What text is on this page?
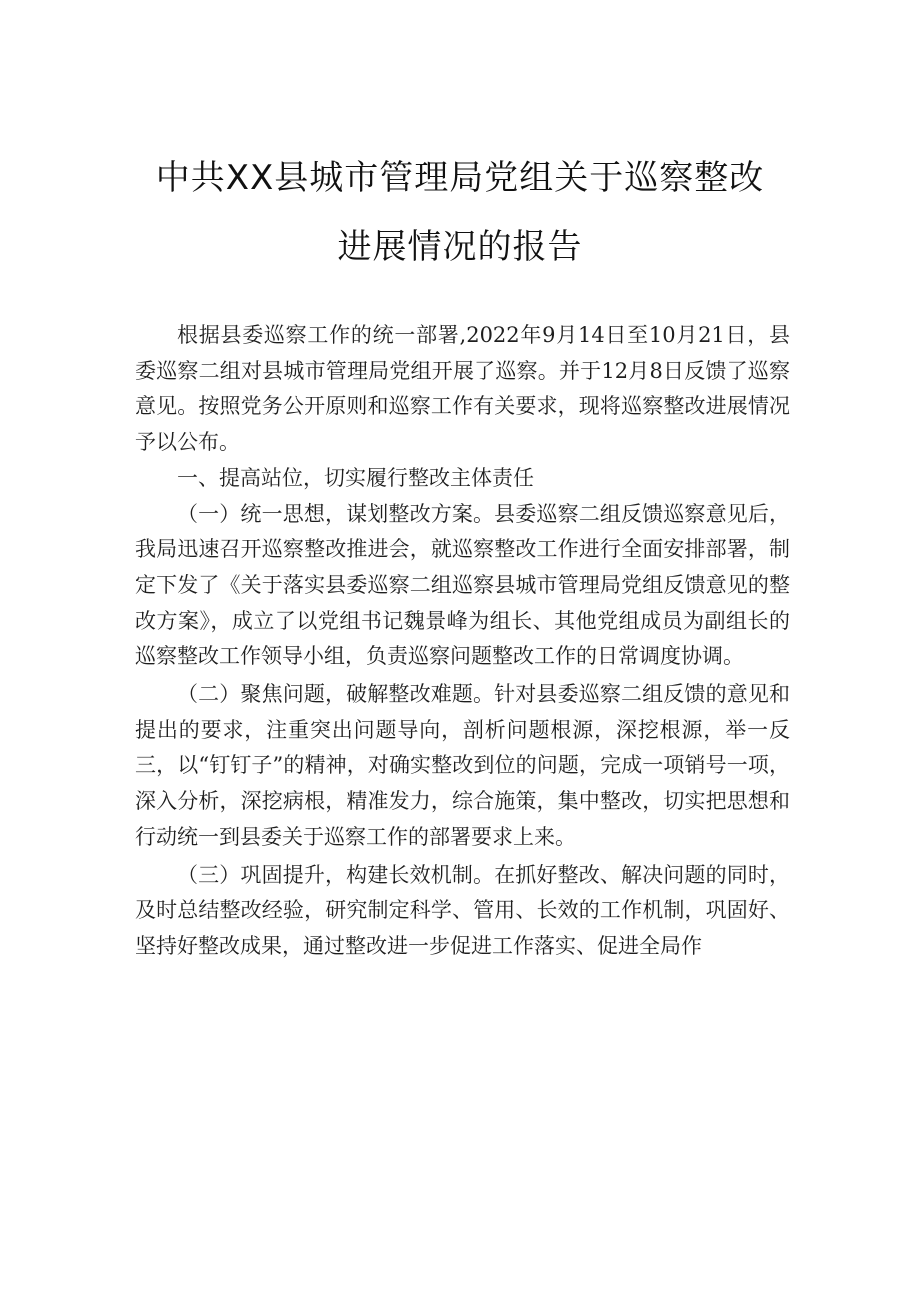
中共XX县城市管理局党组关于巡察整改
进展情况的报告

根据县委巡察工作的统一部署,2022年9月14日至10月21日，县委巡察二组对县城市管理局党组开展了巡察。并于12月8日反馈了巡察意见。按照党务公开原则和巡察工作有关要求，现将巡察整改进展情况予以公布。

一、提高站位，切实履行整改主体责任

（一）统一思想，谋划整改方案。县委巡察二组反馈巡察意见后，我局迅速召开巡察整改推进会，就巡察整改工作进行全面安排部署，制定下发了《关于落实县委巡察二组巡察县城市管理局党组反馈意见的整改方案》，成立了以党组书记魏景峰为组长、其他党组成员为副组长的巡察整改工作领导小组，负责巡察问题整改工作的日常调度协调。

（二）聚焦问题，破解整改难题。针对县委巡察二组反馈的意见和提出的要求，注重突出问题导向，剖析问题根源，深挖根源，举一反三，以“钉钉子”的精神，对确实整改到位的问题，完成一项销号一项，深入分析，深挖病根，精准发力，综合施策，集中整改，切实把思想和行动统一到县委关于巡察工作的部署要求上来。

（三）巩固提升，构建长效机制。在抓好整改、解决问题的同时，及时总结整改经验，研究制定科学、管用、长效的工作机制，巩固好、坚持好整改成果，通过整改进一步促进工作落实、促进全局作
